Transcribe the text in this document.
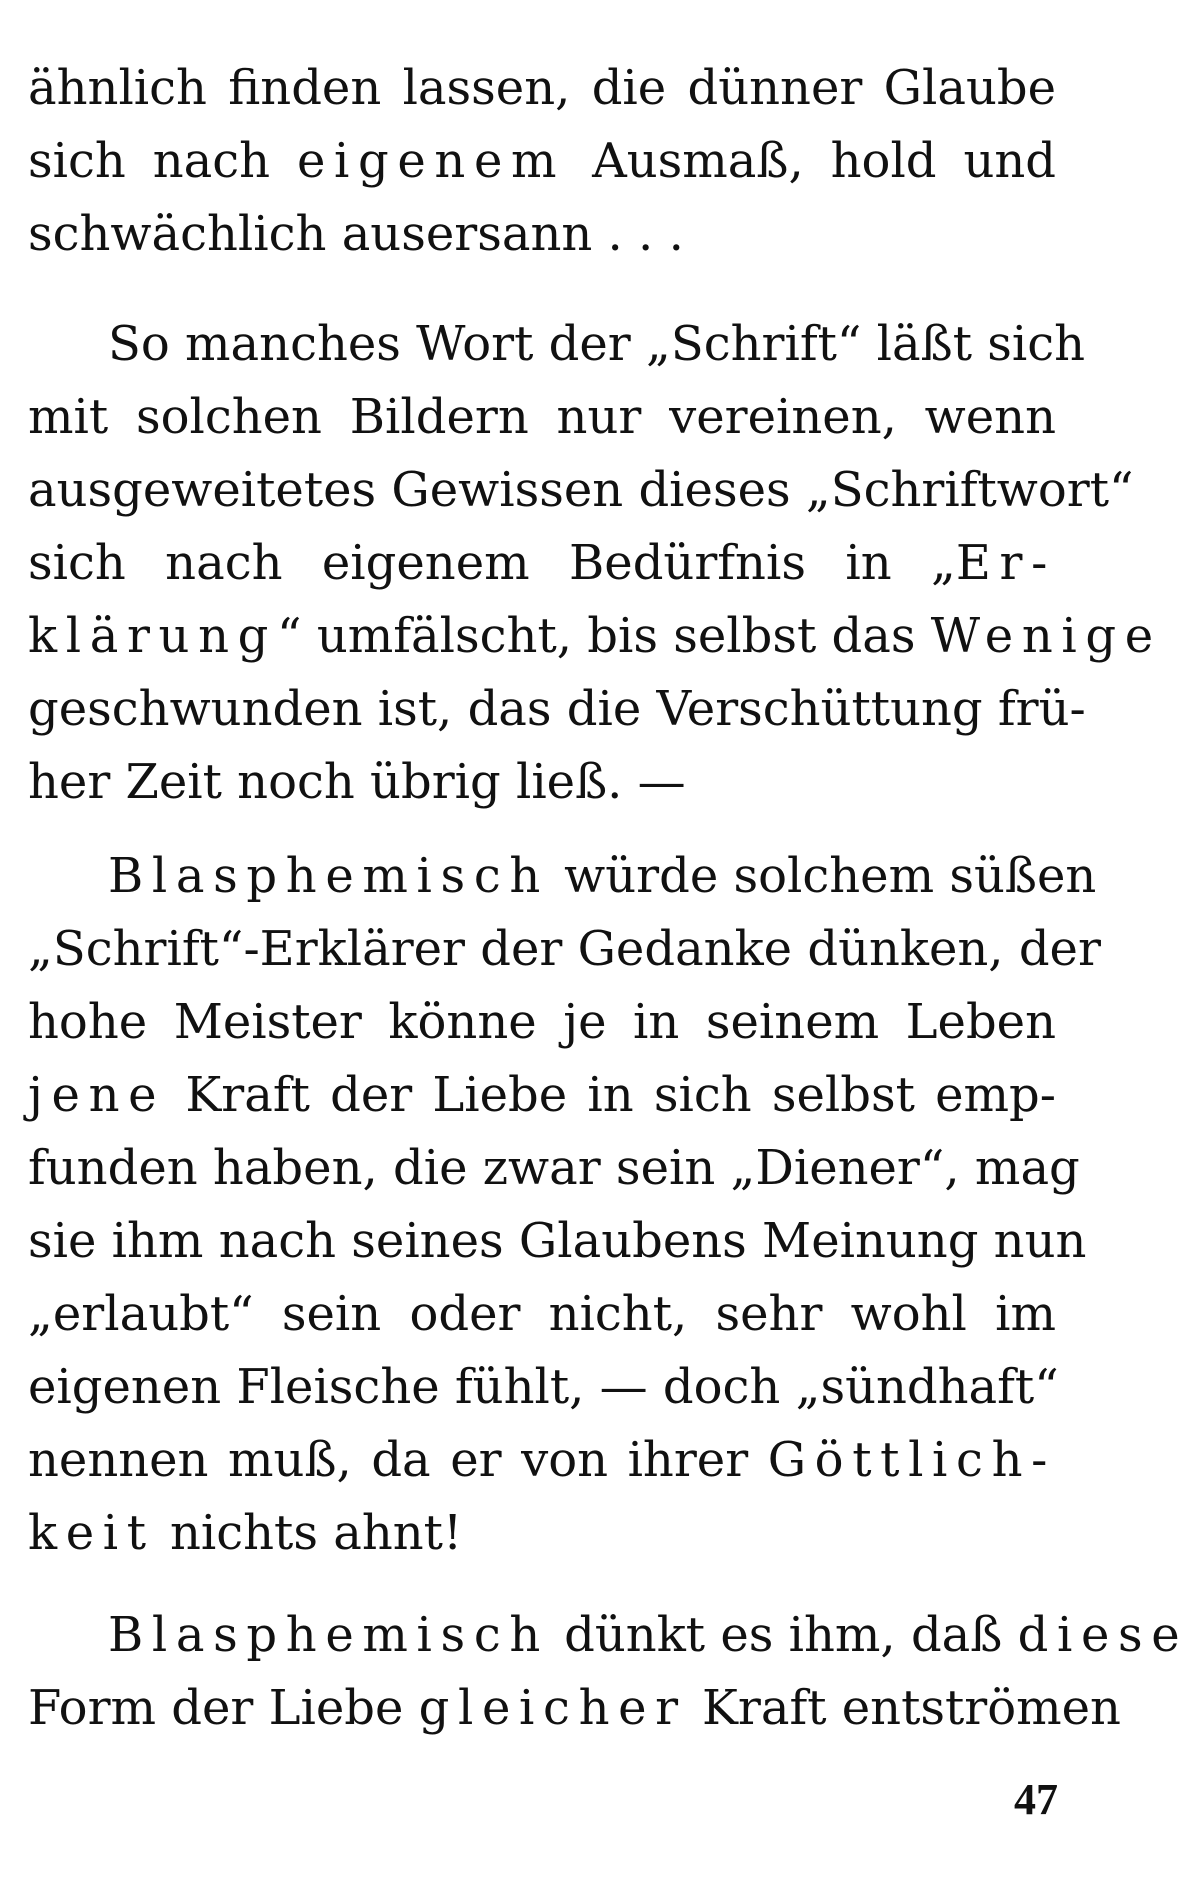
ähnlich finden lassen, die dünner Glaube
sich nach eigenem Ausmaß, hold und
schwächlich ausersann . . .
So manches Wort der „Schrift“ läßt sich
mit solchen Bildern nur vereinen, wenn
ausgeweitetes Gewissen dieses „Schriftwort“
sich nach eigenem Bedürfnis in „Er-
klärung“ umfälscht, bis selbst das Wenige
geschwunden ist, das die Verschüttung frü-
her Zeit noch übrig ließ. —
Blasphemisch würde solchem süßen
„Schrift“-Erklärer der Gedanke dünken, der
hohe Meister könne je in seinem Leben
jene Kraft der Liebe in sich selbst emp-
funden haben, die zwar sein „Diener“, mag
sie ihm nach seines Glaubens Meinung nun
„erlaubt“ sein oder nicht, sehr wohl im
eigenen Fleische fühlt, — doch „sündhaft“
nennen muß, da er von ihrer Göttlich-
keit nichts ahnt!
Blasphemisch dünkt es ihm, daß diese
Form der Liebe gleicher Kraft entströmen
47
